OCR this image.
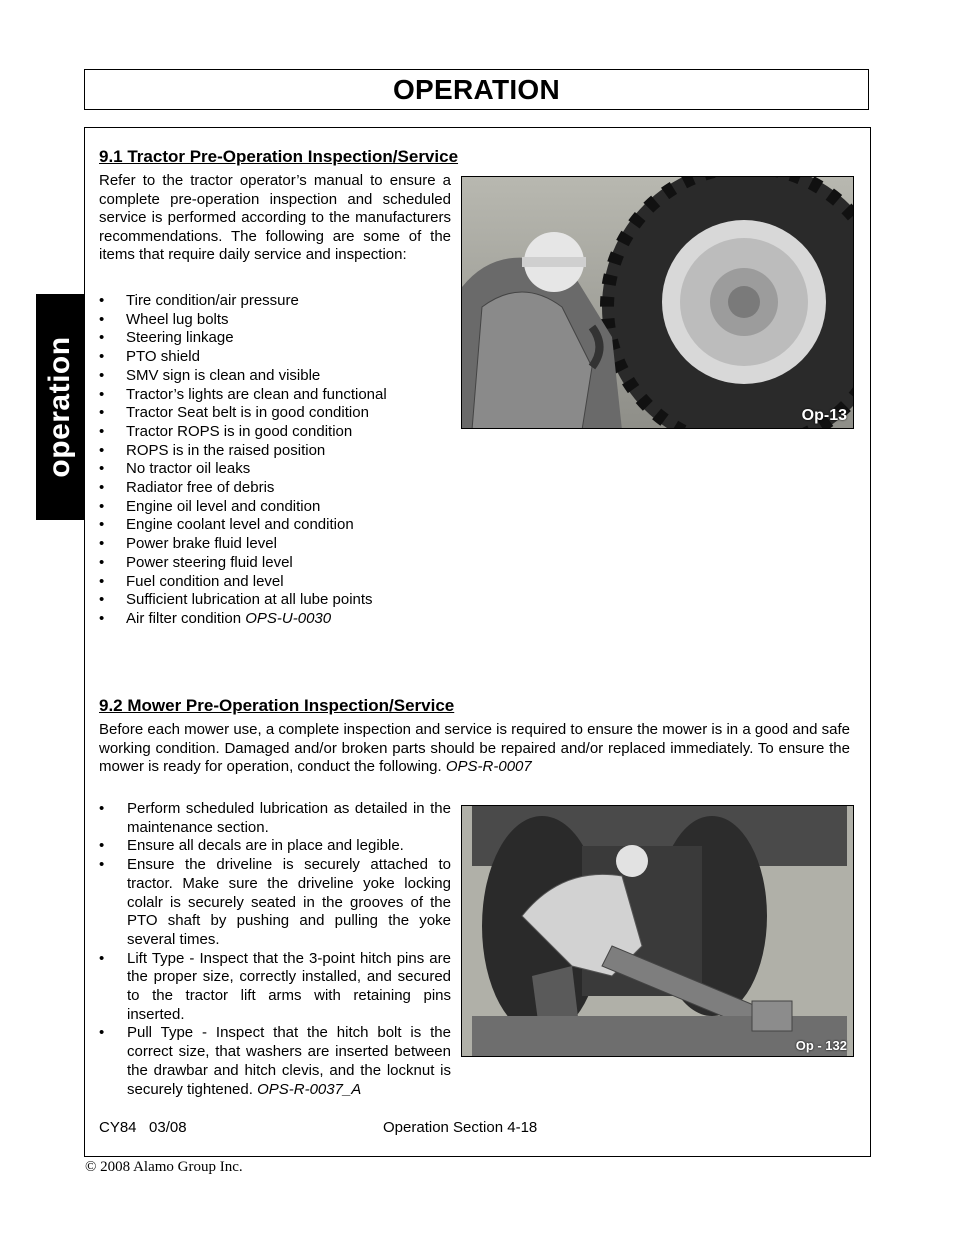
OPERATION
operation
9.1 Tractor Pre-Operation Inspection/Service
Refer to the tractor operator’s manual to ensure a complete pre-operation inspection and scheduled service is performed according to the manufacturers recommendations. The following are some of the items that require daily service and inspection:
• Tire condition/air pressure
• Wheel lug bolts
• Steering linkage
• PTO shield
• SMV sign is clean and visible
• Tractor’s lights are clean and functional
• Tractor Seat belt is in good condition
• Tractor ROPS is in good condition
• ROPS is in the raised position
• No tractor oil leaks
• Radiator free of debris
• Engine oil level and condition
• Engine coolant level and condition
• Power brake fluid level
• Power steering fluid level
• Fuel condition and level
• Sufficient lubrication at all lube points
• Air filter condition OPS-U-0030
Op-13
9.2 Mower Pre-Operation Inspection/Service
Before each mower use, a complete inspection and service is required to ensure the mower is in a good and safe working condition. Damaged and/or broken parts should be repaired and/or replaced immediately. To ensure the mower is ready for operation, conduct the following. OPS-R-0007
• Perform scheduled lubrication as detailed in the maintenance section.
• Ensure all decals are in place and legible.
• Ensure the driveline is securely attached to tractor. Make sure the driveline yoke locking colalr is securely seated in the grooves of the PTO shaft by pushing and pulling the yoke several times.
• Lift Type - Inspect that the 3-point hitch pins are the proper size, correctly installed, and secured to the tractor lift arms with retaining pins inserted.
• Pull Type - Inspect that the hitch bolt is the correct size, that washers are inserted between the drawbar and hitch clevis, and the locknut is securely tightened. OPS-R-0037_A
Op - 132
CY84   03/08	Operation Section 4-18
© 2008 Alamo Group Inc.
